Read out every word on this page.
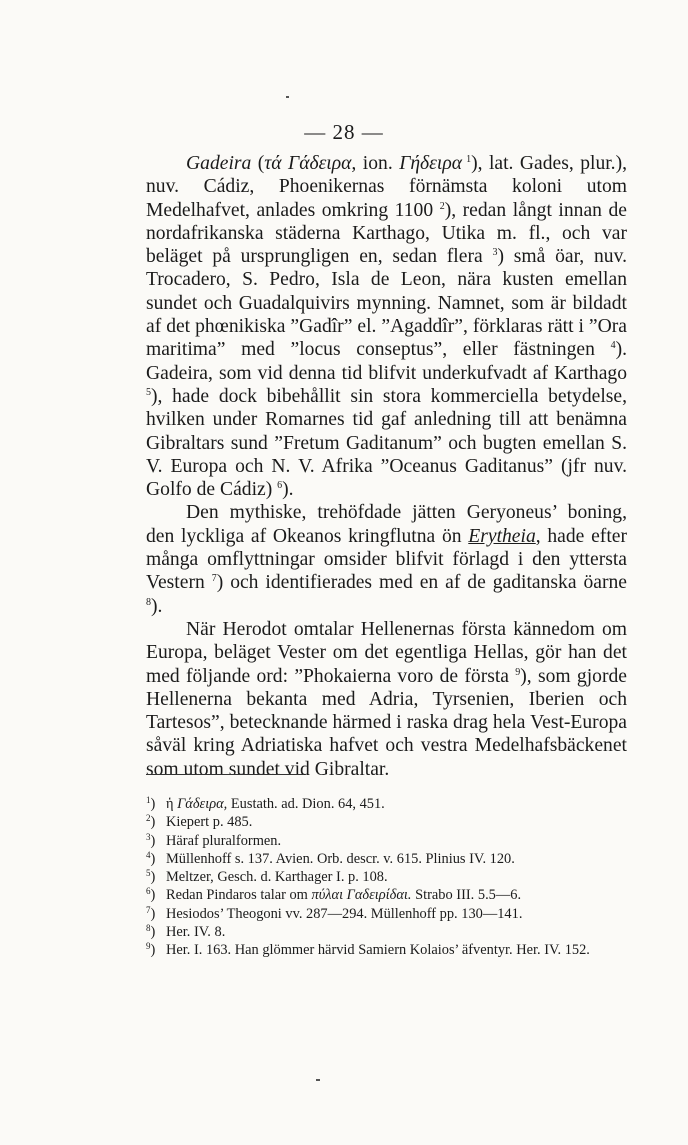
— 28 —

Gadeira (τά Γάδειρα, ion. Γήδειρα $^1$), lat. Gades, plur.), nuv. Cádiz, Phoenikernas förnämsta koloni utom Medelhafvet, anlades omkring 1100 $^2$), redan långt innan de nordafrikanska städerna Karthago, Utika m. fl., och var beläget på ursprungligen en, sedan flera $^3$) små öar, nuv. Trocadero, S. Pedro, Isla de Leon, nära kusten emellan sundet och Guadalquivirs mynning. Namnet, som är bildadt af det phœnikiska ”Gadîr” el. ”Agaddîr”, förklaras rätt i ”Ora maritima” med ”locus conseptus”, eller fästningen $^4$). Gadeira, som vid denna tid blifvit underkufvadt af Karthago $^5$), hade dock bibehållit sin stora kommerciella betydelse, hvilken under Romarnes tid gaf anledning till att benämna Gibraltars sund ”Fretum Gaditanum” och bugten emellan S. V. Europa och N. V. Afrika ”Oceanus Gaditanus” (jfr nuv. Golfo de Cádiz) $^6$).

Den mythiske, trehöfdade jätten Geryoneus’ boning, den lyckliga af Okeanos kringflutna ön Erytheia, hade efter många omflyttningar omsider blifvit förlagd i den yttersta Vestern $^7$) och identifierades med en af de gaditanska öarne $^8$).

När Herodot omtalar Hellenernas första kännedom om Europa, beläget Vester om det egentliga Hellas, gör han det med följande ord: ”Phokaierna voro de första $^9$), som gjorde Hellenerna bekanta med Adria, Tyrsenien, Iberien och Tartesos”, betecknande härmed i raska drag hela Vest-Europa såväl kring Adriatiska hafvet och vestra Medelhafsbäckenet som utom sundet vid Gibraltar.

$^1$) ἡ Γάδειρα, Eustath. ad. Dion. 64, 451.
$^2$) Kiepert p. 485.
$^3$) Häraf pluralformen.
$^4$) Müllenhoff s. 137. Avien. Orb. descr. v. 615. Plinius IV. 120.
$^5$) Meltzer, Gesch. d. Karthager I. p. 108.
$^6$) Redan Pindaros talar om πύλαι Γαδειρίδαι. Strabo III. 5.5—6.
$^7$) Hesiodos’ Theogoni vv. 287—294. Müllenhoff pp. 130—141.
$^8$) Her. IV. 8.
$^9$) Her. I. 163. Han glömmer härvid Samiern Kolaios’ äfventyr. Her. IV. 152.
